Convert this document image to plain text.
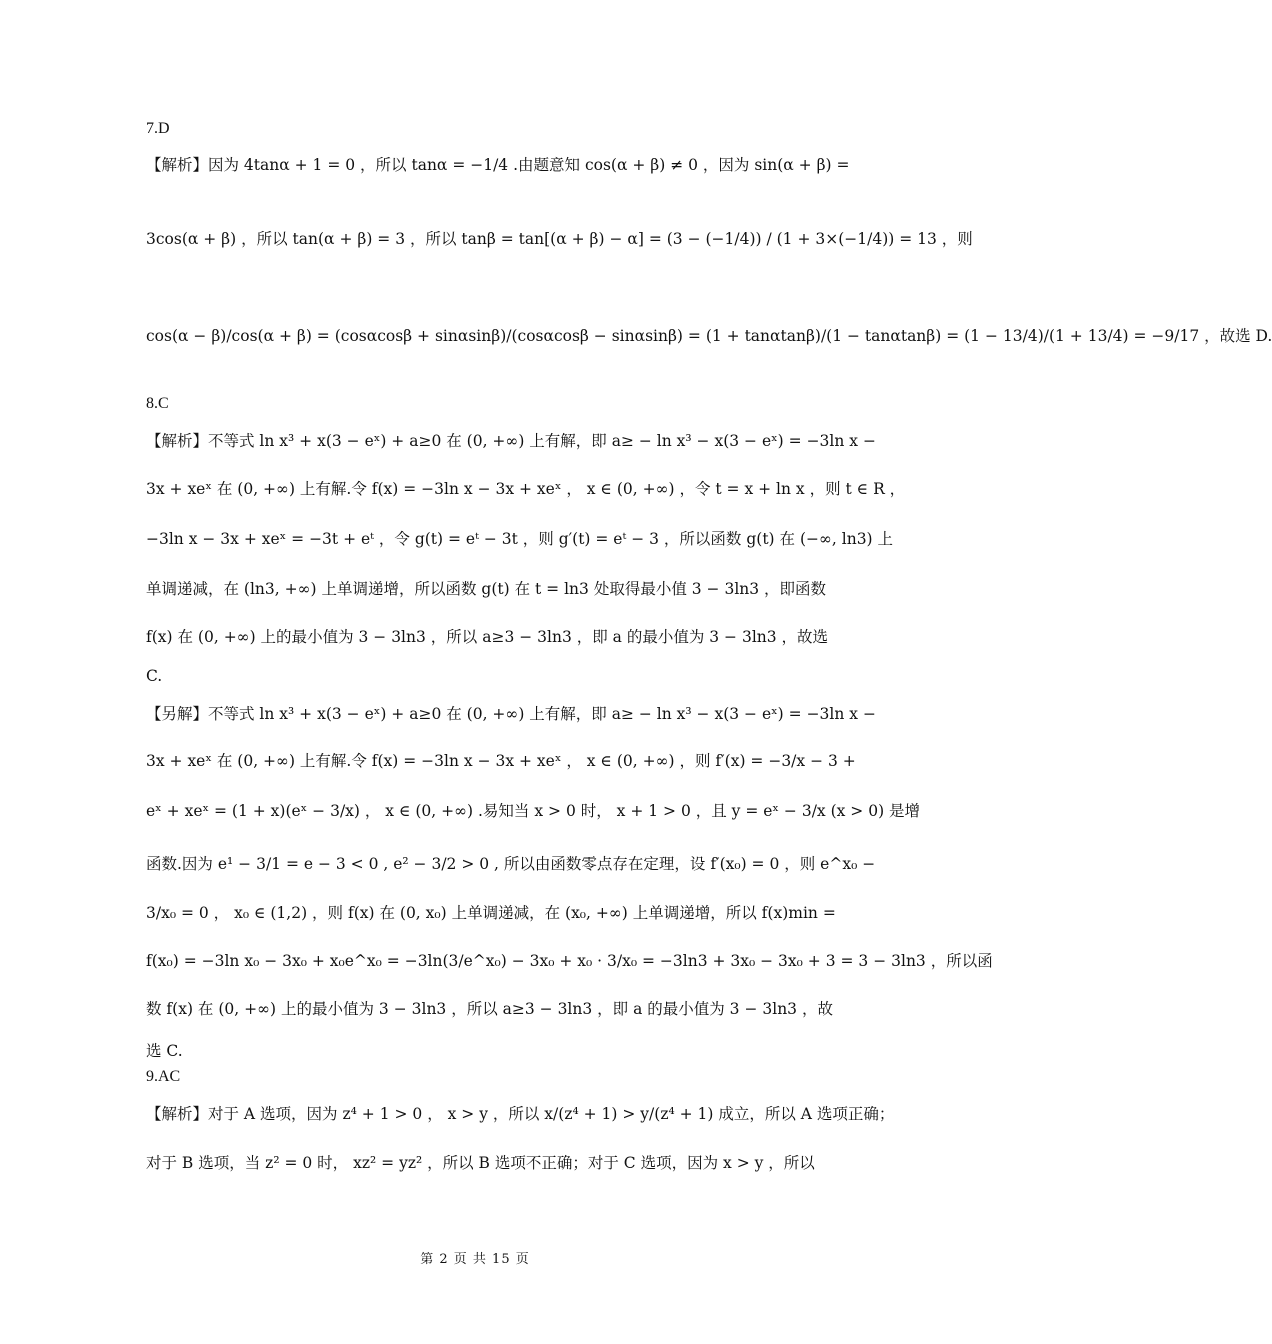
7.D
【解析】因为 4tanα + 1 = 0 ，所以 tanα = −1/4 .由题意知 cos(α + β) ≠ 0 ，因为 sin(α + β) =
3cos(α + β) ，所以 tan(α + β) = 3 ，所以 tanβ = tan[(α + β) − α] = (3 − (−1/4)) / (1 + 3×(−1/4)) = 13 ，则
cos(α − β)/cos(α + β) = (cosαcosβ + sinαsinβ)/(cosαcosβ − sinαsinβ) = (1 + tanαtanβ)/(1 − tanαtanβ) = (1 − 13/4)/(1 + 13/4) = −9/17 ，故选 D.
8.C
【解析】不等式 ln x³ + x(3 − eˣ) + a≥0 在 (0, +∞) 上有解，即 a≥ − ln x³ − x(3 − eˣ) = −3ln x −
3x + xeˣ 在 (0, +∞) 上有解.令 f(x) = −3ln x − 3x + xeˣ ， x ∈ (0, +∞) ，令 t = x + ln x ，则 t ∈ R ，
−3ln x − 3x + xeˣ = −3t + eᵗ ，令 g(t) = eᵗ − 3t ，则 g′(t) = eᵗ − 3 ，所以函数 g(t) 在 (−∞, ln3) 上
单调递减，在 (ln3, +∞) 上单调递增，所以函数 g(t) 在 t = ln3 处取得最小值 3 − 3ln3 ，即函数
f(x) 在 (0, +∞) 上的最小值为 3 − 3ln3 ，所以 a≥3 − 3ln3 ，即 a 的最小值为 3 − 3ln3 ，故选
C.
【另解】不等式 ln x³ + x(3 − eˣ) + a≥0 在 (0, +∞) 上有解，即 a≥ − ln x³ − x(3 − eˣ) = −3ln x −
3x + xeˣ 在 (0, +∞) 上有解.令 f(x) = −3ln x − 3x + xeˣ ， x ∈ (0, +∞) ，则 f′(x) = −3/x − 3 +
eˣ + xeˣ = (1 + x)(eˣ − 3/x) ， x ∈ (0, +∞) .易知当 x > 0 时， x + 1 > 0 ，且 y = eˣ − 3/x (x > 0) 是增
函数.因为 e¹ − 3/1 = e − 3 < 0 , e² − 3/2 > 0 , 所以由函数零点存在定理，设 f′(x₀) = 0 ，则 e^x₀ −
3/x₀ = 0 ， x₀ ∈ (1,2) ，则 f(x) 在 (0, x₀) 上单调递减，在 (x₀, +∞) 上单调递增，所以 f(x)min =
f(x₀) = −3ln x₀ − 3x₀ + x₀e^x₀ = −3ln(3/e^x₀) − 3x₀ + x₀ · 3/x₀ = −3ln3 + 3x₀ − 3x₀ + 3 = 3 − 3ln3 ，所以函
数 f(x) 在 (0, +∞) 上的最小值为 3 − 3ln3 ，所以 a≥3 − 3ln3 ，即 a 的最小值为 3 − 3ln3 ，故
选 C.
9.AC
【解析】对于 A 选项，因为 z⁴ + 1 > 0 ， x > y ，所以 x/(z⁴ + 1) > y/(z⁴ + 1) 成立，所以 A 选项正确；
对于 B 选项，当 z² = 0 时， xz² = yz² ，所以 B 选项不正确；对于 C 选项，因为 x > y ，所以
第 2 页 共 15 页
